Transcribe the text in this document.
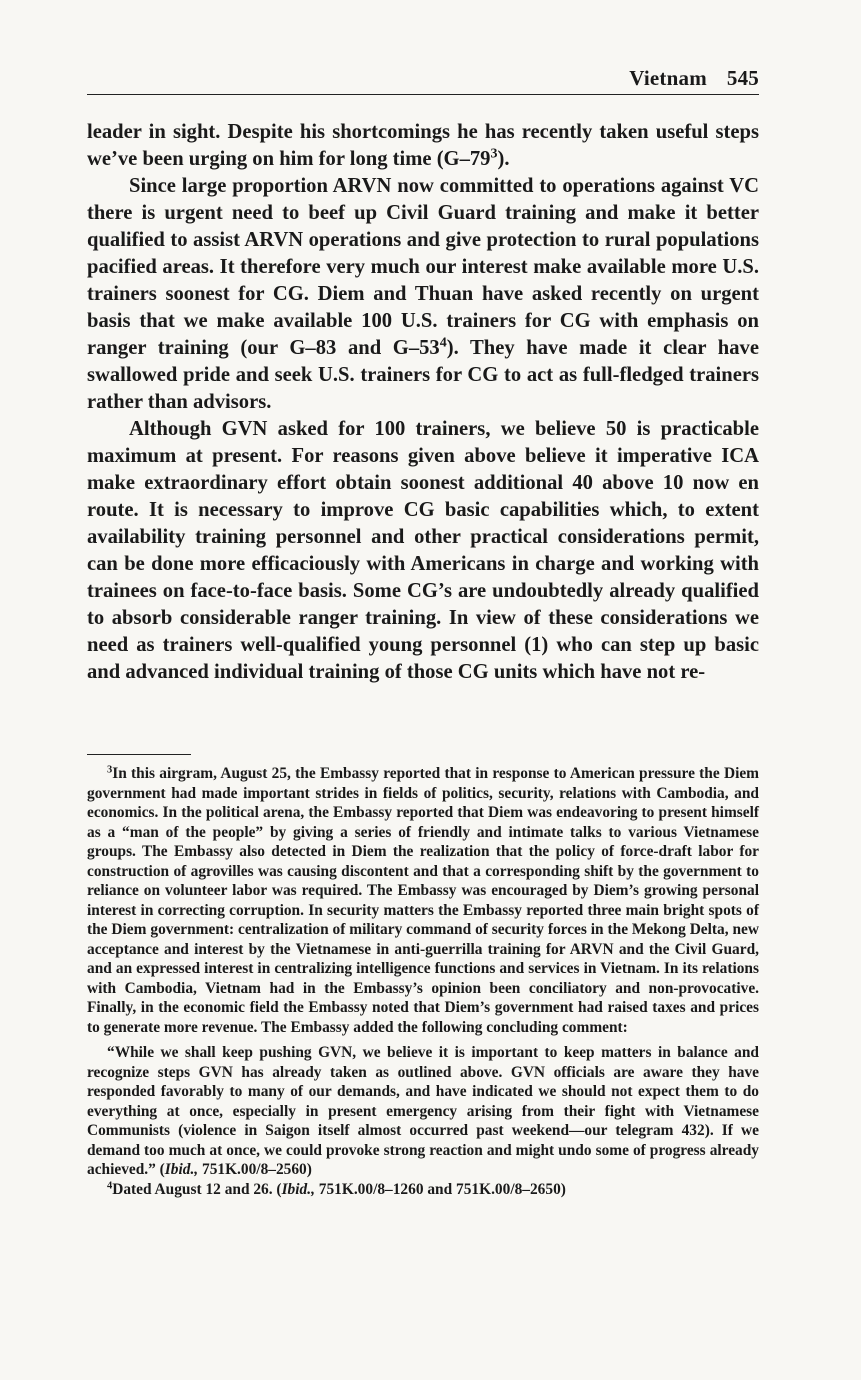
Vietnam 545

leader in sight. Despite his shortcomings he has recently taken useful steps we’ve been urging on him for long time $(G-79^3)$.

Since large proportion ARVN now committed to operations against VC there is urgent need to beef up Civil Guard training and make it better qualified to assist ARVN operations and give protection to rural populations pacified areas. It therefore very much our interest make available more U.S. trainers soonest for CG. Diem and Thuan have asked recently on urgent basis that we make available 100 U.S. trainers for CG with emphasis on ranger training (our G–83 and $G-53^4$). They have made it clear have swallowed pride and seek U.S. trainers for CG to act as full-fledged trainers rather than advisors.

Although GVN asked for 100 trainers, we believe 50 is practicable maximum at present. For reasons given above believe it imperative ICA make extraordinary effort obtain soonest additional 40 above 10 now en route. It is necessary to improve CG basic capabilities which, to extent availability training personnel and other practical considerations permit, can be done more efficaciously with Americans in charge and working with trainees on face-to-face basis. Some CG’s are undoubtedly already qualified to absorb considerable ranger training. In view of these considerations we need as trainers well-qualified young personnel (1) who can step up basic and advanced individual training of those CG units which have not re-

$^3$In this airgram, August 25, the Embassy reported that in response to American pressure the Diem government had made important strides in fields of politics, security, relations with Cambodia, and economics. In the political arena, the Embassy reported that Diem was endeavoring to present himself as a “man of the people” by giving a series of friendly and intimate talks to various Vietnamese groups. The Embassy also detected in Diem the realization that the policy of force-draft labor for construction of agrovilles was causing discontent and that a corresponding shift by the government to reliance on volunteer labor was required. The Embassy was encouraged by Diem’s growing personal interest in correcting corruption. In security matters the Embassy reported three main bright spots of the Diem government: centralization of military command of security forces in the Mekong Delta, new acceptance and interest by the Vietnamese in anti-guerrilla training for ARVN and the Civil Guard, and an expressed interest in centralizing intelligence functions and services in Vietnam. In its relations with Cambodia, Vietnam had in the Embassy’s opinion been conciliatory and non-provocative. Finally, in the economic field the Embassy noted that Diem’s government had raised taxes and prices to generate more revenue. The Embassy added the following concluding comment:

“While we shall keep pushing GVN, we believe it is important to keep matters in balance and recognize steps GVN has already taken as outlined above. GVN officials are aware they have responded favorably to many of our demands, and have indicated we should not expect them to do everything at once, especially in present emergency arising from their fight with Vietnamese Communists (violence in Saigon itself almost occurred past weekend—our telegram 432). If we demand too much at once, we could provoke strong reaction and might undo some of progress already achieved.” (Ibid., 751K.00/8–2560)

$^4$Dated August 12 and 26. (Ibid., 751K.00/8–1260 and 751K.00/8–2650)
